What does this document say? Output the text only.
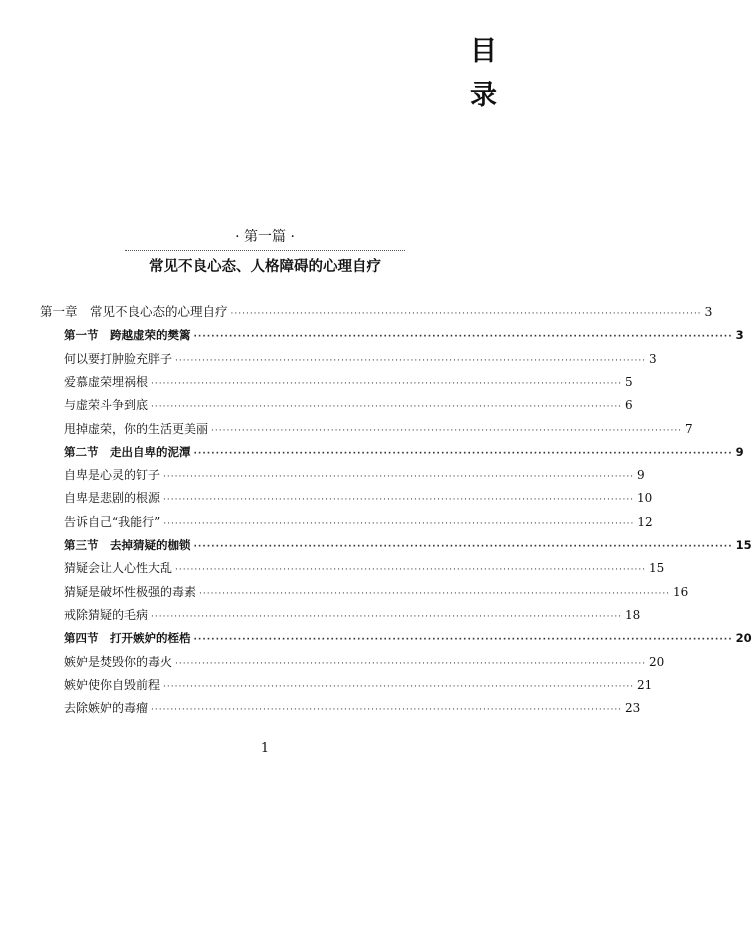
目
录
· 第一篇 ·
常见不良心态、人格障碍的心理自疗
第一章　常见不良心态的心理自疗 ·························································································································· 3
第一节　跨越虚荣的樊篱 ·························································································································· 3
何以要打肿脸充胖子 ·························································································································· 3
爱慕虚荣埋祸根 ·························································································································· 5
与虚荣斗争到底 ·························································································································· 6
甩掉虚荣，你的生活更美丽 ·························································································································· 7
第二节　走出自卑的泥潭 ·························································································································· 9
自卑是心灵的钉子 ·························································································································· 9
自卑是悲剧的根源 ·························································································································· 10
告诉自己“我能行” ·························································································································· 12
第三节　去掉猜疑的枷锁 ·························································································································· 15
猜疑会让人心性大乱 ·························································································································· 15
猜疑是破坏性极强的毒素 ·························································································································· 16
戒除猜疑的毛病 ·························································································································· 18
第四节　打开嫉妒的桎梏 ·························································································································· 20
嫉妒是焚毁你的毒火 ·························································································································· 20
嫉妒使你自毁前程 ·························································································································· 21
去除嫉妒的毒瘤 ·························································································································· 23
1
